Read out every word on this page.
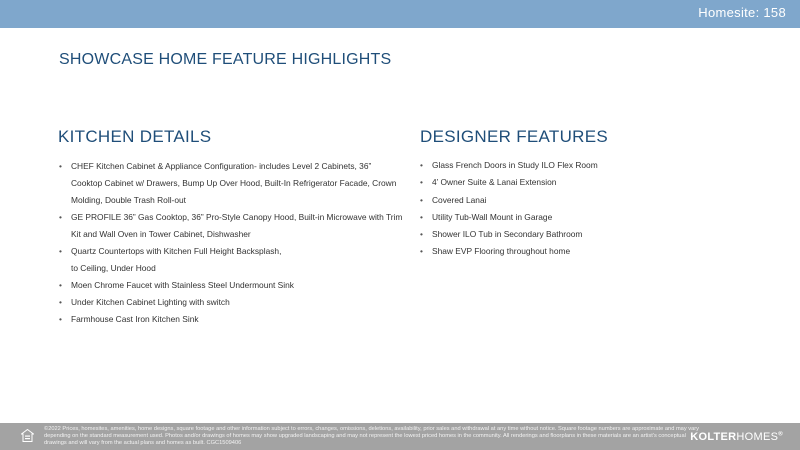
Homesite: 158
SHOWCASE HOME FEATURE HIGHLIGHTS
KITCHEN DETAILS
• CHEF Kitchen Cabinet & Appliance Configuration- includes Level 2 Cabinets, 36” Cooktop Cabinet w/ Drawers, Bump Up Over Hood, Built-In Refrigerator Facade, Crown Molding, Double Trash Roll-out
• GE PROFILE 36” Gas Cooktop, 36” Pro-Style Canopy Hood, Built-in Microwave with Trim Kit and Wall Oven in Tower Cabinet, Dishwasher
• Quartz Countertops with Kitchen Full Height Backsplash,
to Ceiling, Under Hood
• Moen Chrome Faucet with Stainless Steel Undermount Sink
• Under Kitchen Cabinet Lighting with switch
• Farmhouse Cast Iron Kitchen Sink
DESIGNER FEATURES
• Glass French Doors in Study ILO Flex Room
• 4’ Owner Suite & Lanai Extension
• Covered Lanai
• Utility Tub-Wall Mount in Garage
• Shower ILO Tub in Secondary Bathroom
• Shaw EVP Flooring throughout home
©2022 Prices, homesites, amenities, home designs, square footage and other information subject to errors, changes, omissions, deletions, availability, prior sales and withdrawal at any time without notice. Square footage numbers are approximate and may vary depending on the standard measurement used. Photos and/or drawings of homes may show upgraded landscaping and may not represent the lowest priced homes in the community. All renderings and floorplans in these materials are an artist’s conceptual drawings and will vary from the actual plans and homes as built. CGC1509406	KOLTERHOMES®
